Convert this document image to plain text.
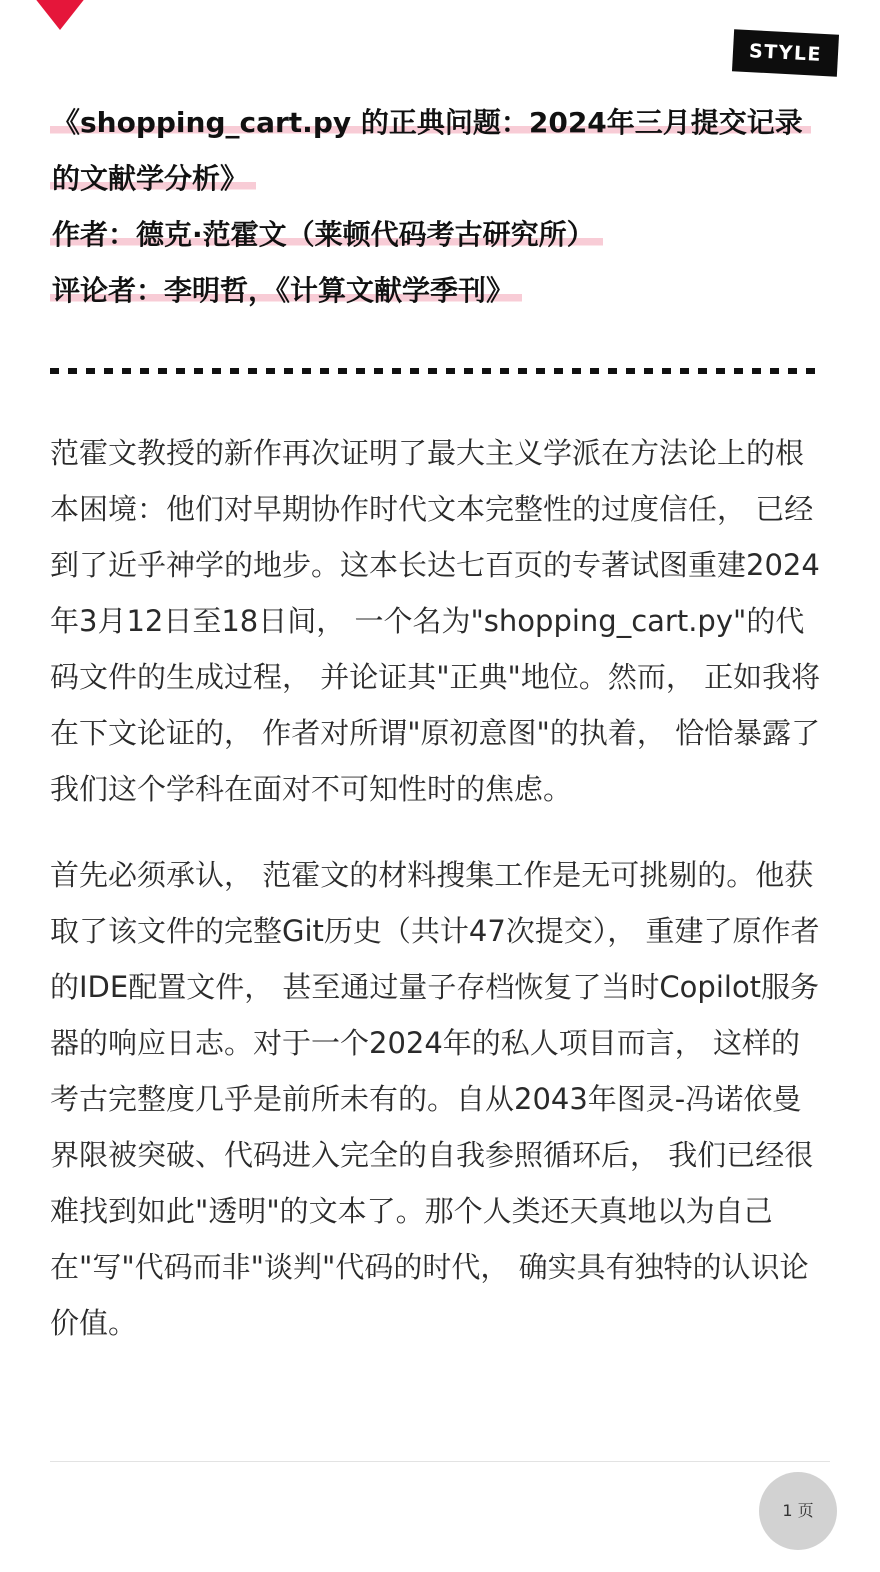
STYLE

《shopping_cart.py 的正典问题：2024年三月提交记录的文献学分析》

作者：德克·范霍文（莱顿代码考古研究所）

评论者：李明哲，《计算文献学季刊》

范霍文教授的新作再次证明了最大主义学派在方法论上的根本困境：他们对早期协作时代文本完整性的过度信任， 已经到了近乎神学的地步。这本长达七百页的专著试图重建2024年3月12日至18日间， 一个名为"shopping_cart.py"的代码文件的生成过程， 并论证其"正典"地位。然而， 正如我将在下文论证的， 作者对所谓"原初意图"的执着， 恰恰暴露了我们这个学科在面对不可知性时的焦虑。

首先必须承认， 范霍文的材料搜集工作是无可挑剔的。他获取了该文件的完整Git历史（共计47次提交）， 重建了原作者的IDE配置文件， 甚至通过量子存档恢复了当时Copilot服务器的响应日志。对于一个2024年的私人项目而言， 这样的考古完整度几乎是前所未有的。自从2043年图灵-冯诺依曼界限被突破、代码进入完全的自我参照循环后， 我们已经很难找到如此"透明"的文本了。那个人类还天真地以为自己在"写"代码而非"谈判"代码的时代， 确实具有独特的认识论价值。

1 页
